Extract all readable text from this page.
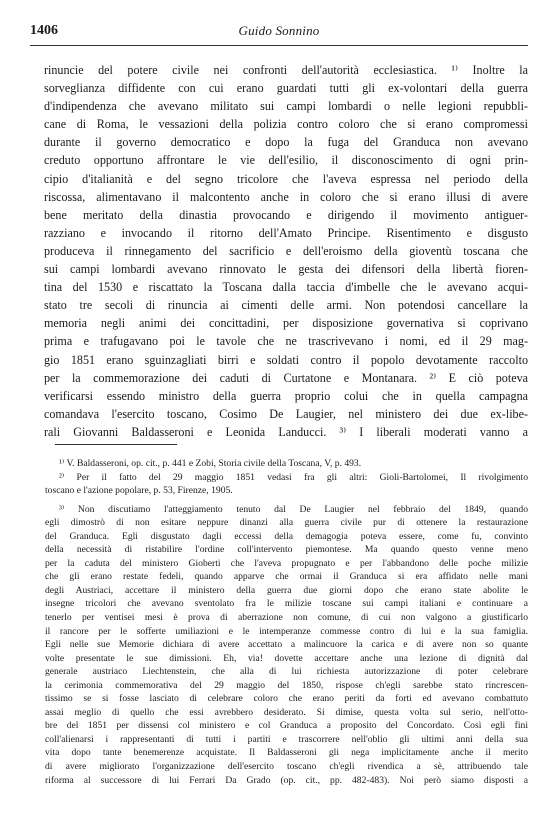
1406	Guido Sonnino
rinuncie del potere civile nei confronti dell'autorità ecclesiastica. ¹⁾ Inoltre la
sorveglianza diffidente con cui erano guardati tutti gli ex-volontari della guerra
d'indipendenza che avevano militato sui campi lombardi o nelle legioni repubbli-
cane di Roma, le vessazioni della polizia contro coloro che si erano compromessi
durante il governo democratico e dopo la fuga del Granduca non avevano
creduto opportuno affrontare le vie dell'esilio, il disconoscimento di ogni prin-
cipio d'italianità e del segno tricolore che l'aveva espressa nel periodo della
riscossa, alimentavano il malcontento anche in coloro che si erano illusi di avere
bene meritato della dinastia provocando e dirigendo il movimento antiguer-
razziano e invocando il ritorno dell'Amato Principe. Risentimento e disgusto
produceva il rinnegamento del sacrificio e dell'eroismo della gioventù toscana che
sui campi lombardi avevano rinnovato le gesta dei difensori della libertà fioren-
tina del 1530 e riscattato la Toscana dalla taccia d'imbelle che le avevano acqui-
stato tre secoli di rinuncia ai cimenti delle armi. Non potendosi cancellare la
memoria negli animi dei concittadini, per disposizione governativa si coprivano
prima e trafugavano poi le tavole che ne trascrivevano i nomi, ed il 29 mag-
gio 1851 erano sguinzagliati birri e soldati contro il popolo devotamente raccolto
per la commemorazione dei caduti di Curtatone e Montanara. ²⁾ E ciò poteva
verificarsi essendo ministro della guerra proprio colui che in quella campagna
comandava l'esercito toscano, Cosimo De Laugier, nel ministero dei due ex-libe-
rali Giovanni Baldasseroni e Leonida Landucci. ³⁾ I liberali moderati vanno a
¹⁾ V. Baldasseroni, op. cit., p. 441 e Zobi, Storia civile della Toscana, V, p. 493.
²⁾ Per il fatto del 29 maggio 1851 vedasi fra gli altri: Gioli-Bartolomei, Il rivolgimento
toscano e l'azione popolare, p. 53, Firenze, 1905.
³⁾ Non discutiamo l'atteggiamento tenuto dal De Laugier nel febbraio del 1849, quando
egli dimostrò di non esitare neppure dinanzi alla guerra civile pur di ottenere la restaurazione
del Granduca. Egli disgustato dagli eccessi della demagogia poteva essere, come fu, convinto
della necessità di ristabilire l'ordine coll'intervento piemontese. Ma quando questo venne meno
per la caduta del ministero Gioberti che l'aveva propugnato e per l'abbandono delle poche milizie
che gli erano restate fedeli, quando apparve che ormai il Granduca si era affidato nelle mani
degli Austriaci, accettare il ministero della guerra due giorni dopo che erano state abolite le
insegne tricolori che avevano sventolato fra le milizie toscane sui campi italiani e continuare a
tenerlo per ventisei mesi è prova di aberrazione non comune, di cui non valgono a giustificarlo
il rancore per le sofferte umiliazioni e le intemperanze commesse contro di lui e la sua famiglia.
Egli nelle sue Memorie dichiara di avere accettato a malincuore la carica e di avere non so quante
volte presentate le sue dimissioni. Eh, via! dovette accettare anche una lezione di dignità dal
generale austriaco Liechtenstein, che alla di lui richiesta autorizzazione di poter celebrare
la cerimonia commemorativa del 29 maggio del 1850, rispose ch'egli sarebbe stato rincrescen-
tissimo se si fosse lasciato di celebrare coloro che erano periti da forti ed avevano combattuto
assai meglio di quello che essi avrebbero desiderato. Si dimise, questa volta sul serio, nell'otto-
bre del 1851 per dissensi col ministero e col Granduca a proposito del Concordato. Così egli finì
coll'alienarsi i rappresentanti di tutti i partiti e trascorrere nell'oblio gli ultimi anni della sua
vita dopo tante benemerenze acquistate. Il Baldasseroni gli nega implicitamente anche il merito
di avere migliorato l'organizzazione dell'esercito toscano ch'egli rivendica a sè, attribuendo tale
riforma al successore di lui Ferrari Da Grado (op. cit., pp. 482-483). Noi però siamo disposti a
